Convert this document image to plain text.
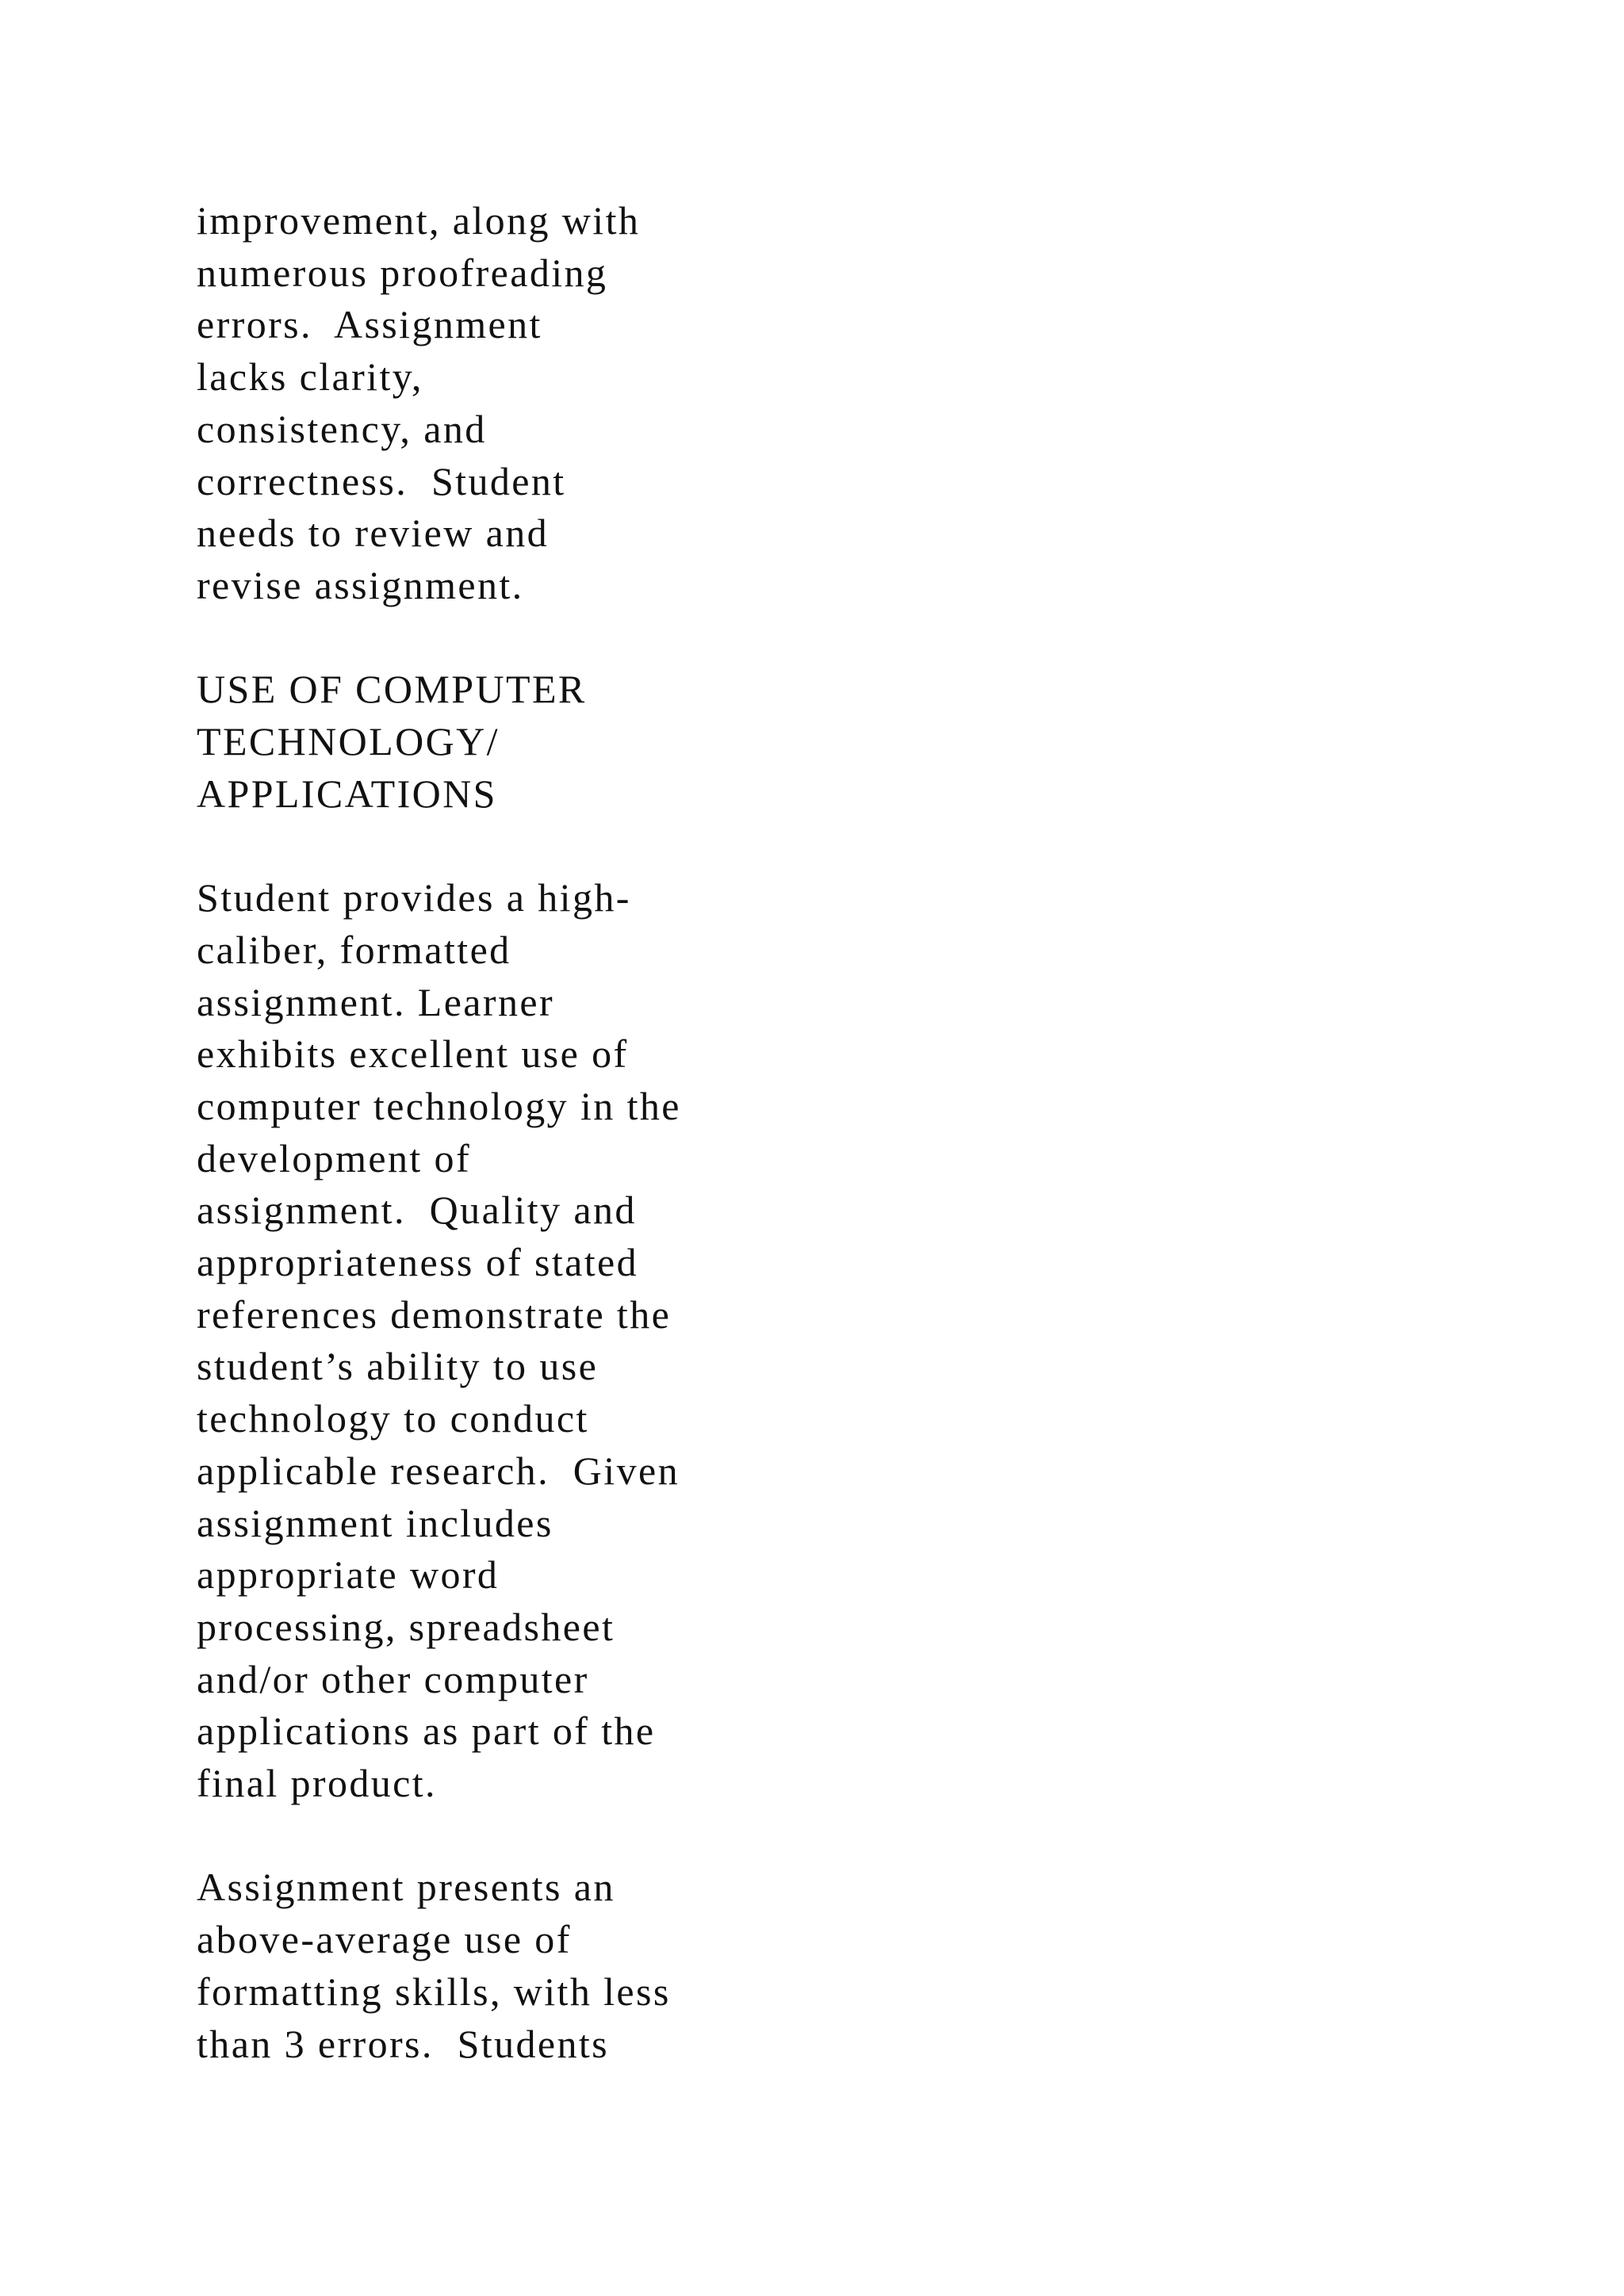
improvement, along with
numerous proofreading
errors.  Assignment
lacks clarity,
consistency, and
correctness.  Student
needs to review and
revise assignment.

USE OF COMPUTER
TECHNOLOGY/
APPLICATIONS

Student provides a high-
caliber, formatted
assignment. Learner
exhibits excellent use of
computer technology in the
development of
assignment.  Quality and
appropriateness of stated
references demonstrate the
student’s ability to use
technology to conduct
applicable research.  Given
assignment includes
appropriate word
processing, spreadsheet
and/or other computer
applications as part of the
final product.

Assignment presents an
above-average use of
formatting skills, with less
than 3 errors.  Students
